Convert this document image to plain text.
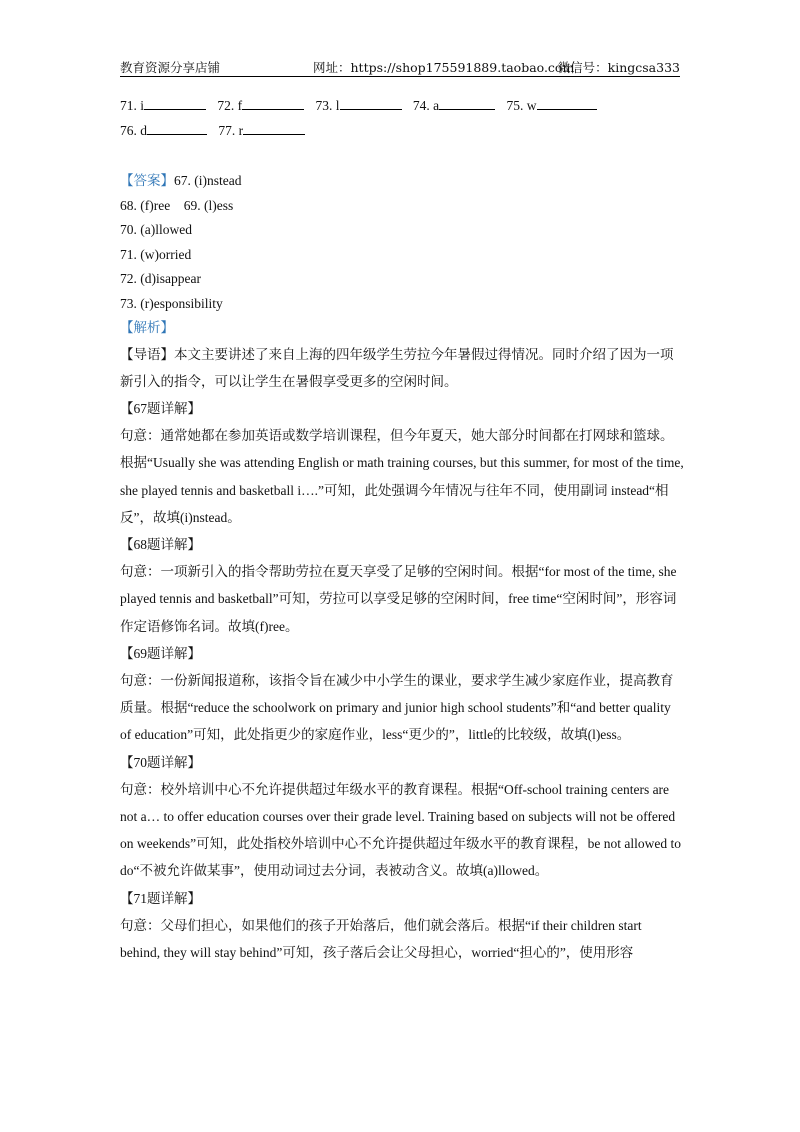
教育资源分享店铺	网址：https://shop175591889.taobao.com
微信号：kingcsa333
71. i	72. f	73. l	74. a	75. w
76. d	77. r
【答案】67. (i)nstead
68. (f)ree    69. (l)ess
70. (a)llowed
71. (w)orried
72. (d)isappear
73. (r)esponsibility
【解析】
【导语】本文主要讲述了来自上海的四年级学生劳拉今年暑假过得情况。同时介绍了因为一项新引入的指令，可以让学生在暑假享受更多的空闲时间。
【67题详解】
句意：通常她都在参加英语或数学培训课程，但今年夏天，她大部分时间都在打网球和篮球。根据“Usually she was attending English or math training courses, but this summer, for most of the time, she played tennis and basketball i….”可知，此处强调今年情况与往年不同，使用副词 instead“相反”，故填(i)nstead。
【68题详解】
句意：一项新引入的指令帮助劳拉在夏天享受了足够的空闲时间。根据“for most of the time, she played tennis and basketball”可知，劳拉可以享受足够的空闲时间，free time“空闲时间”，形容词作定语修饰名词。故填(f)ree。
【69题详解】
句意：一份新闻报道称，该指令旨在减少中小学生的课业，要求学生减少家庭作业，提高教育质量。根据“reduce the schoolwork on primary and junior high school students”和“and better quality of education”可知，此处指更少的家庭作业，less“更少的”，little的比较级，故填(l)ess。
【70题详解】
句意：校外培训中心不允许提供超过年级水平的教育课程。根据“Off-school training centers are not a… to offer education courses over their grade level. Training based on subjects will not be offered on weekends”可知，此处指校外培训中心不允许提供超过年级水平的教育课程，be not allowed to do“不被允许做某事”，使用动词过去分词，表被动含义。故填(a)llowed。
【71题详解】
句意：父母们担心，如果他们的孩子开始落后，他们就会落后。根据“if their children start behind, they will stay behind”可知，孩子落后会让父母担心，worried“担心的”，使用形容
